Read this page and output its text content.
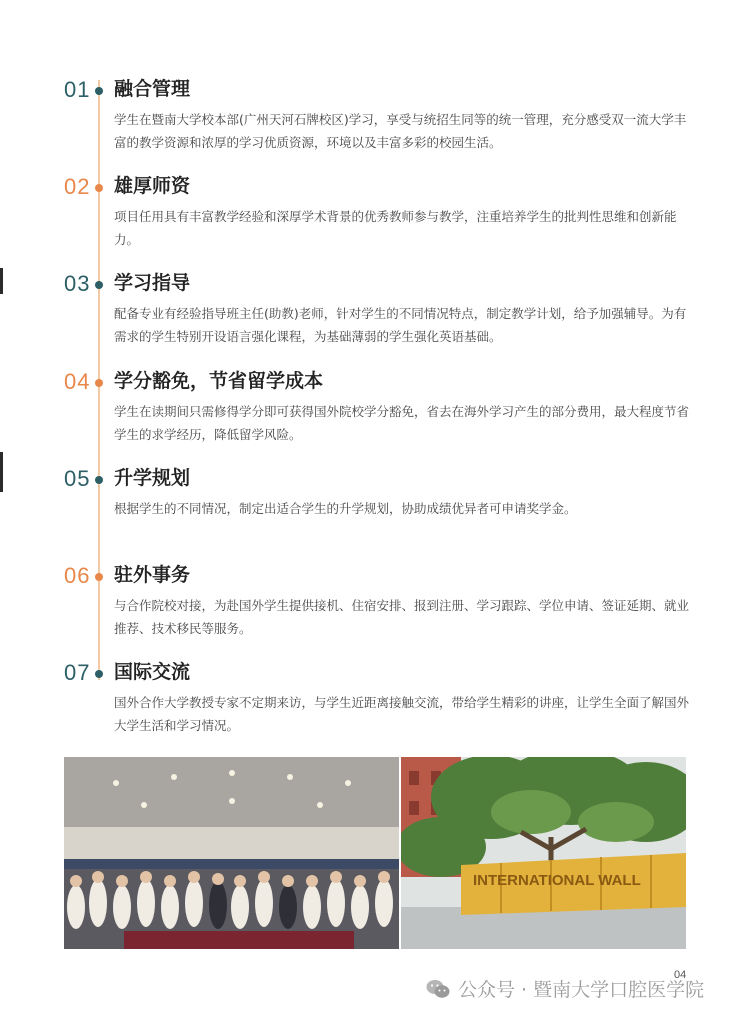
01 融合管理
学生在暨南大学校本部(广州天河石牌校区)学习，享受与统招生同等的统一管理，充分感受双一流大学丰富的教学资源和浓厚的学习优质资源，环境以及丰富多彩的校园生活。
02 雄厚师资
项目任用具有丰富教学经验和深厚学术背景的优秀教师参与教学，注重培养学生的批判性思维和创新能力。
03 学习指导
配备专业有经验指导班主任(助教)老师，针对学生的不同情况特点，制定教学计划，给予加强辅导。为有需求的学生特别开设语言强化课程，为基础薄弱的学生强化英语基础。
04 学分豁免，节省留学成本
学生在读期间只需修得学分即可获得国外院校学分豁免，省去在海外学习产生的部分费用，最大程度节省学生的求学经历，降低留学风险。
05 升学规划
根据学生的不同情况，制定出适合学生的升学规划，协助成绩优异者可申请奖学金。
06 驻外事务
与合作院校对接，为赴国外学生提供接机、住宿安排、报到注册、学习跟踪、学位申请、签证延期、就业推荐、技术移民等服务。
07 国际交流
国外合作大学教授专家不定期来访，与学生近距离接触交流，带给学生精彩的讲座，让学生全面了解国外大学生活和学习情况。
INTERNATIONAL WALL
公众号 · 暨南大学口腔医学院
04
